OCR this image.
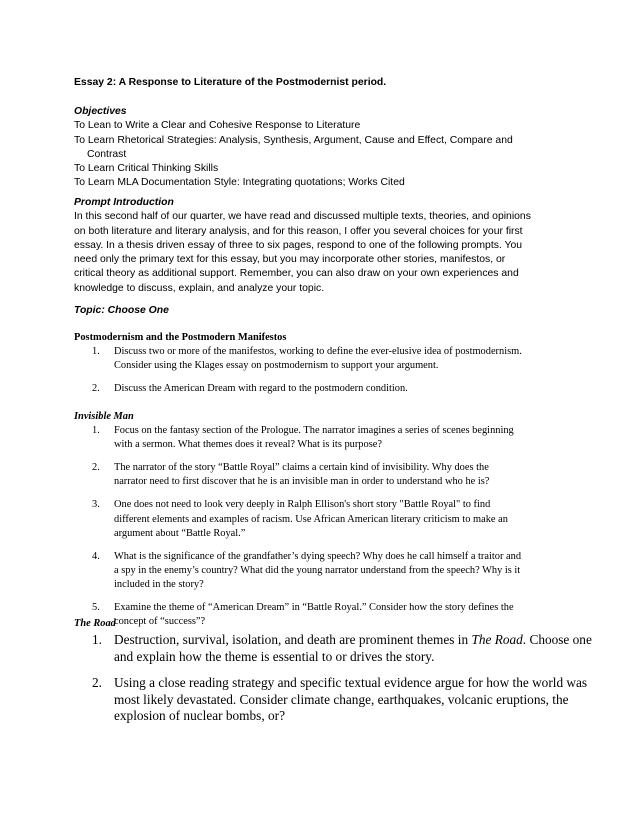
Essay 2: A Response to Literature of the Postmodernist period.
Objectives
To Lean to Write a Clear and Cohesive Response to Literature
To Learn Rhetorical Strategies: Analysis, Synthesis, Argument, Cause and Effect, Compare and
Contrast
To Learn Critical Thinking Skills
To Learn MLA Documentation Style: Integrating quotations; Works Cited
Prompt Introduction
In this second half of our quarter, we have read and discussed multiple texts, theories, and opinions
on both literature and literary analysis, and for this reason, I offer you several choices for your first
essay. In a thesis driven essay of three to six pages, respond to one of the following prompts. You
need only the primary text for this essay, but you may incorporate other stories, manifestos, or
critical theory as additional support. Remember, you can also draw on your own experiences and
knowledge to discuss, explain, and analyze your topic.
Topic: Choose One
Postmodernism and the Postmodern Manifestos
1. Discuss two or more of the manifestos, working to define the ever-elusive idea of postmodernism.
Consider using the Klages essay on postmodernism to support your argument.
2. Discuss the American Dream with regard to the postmodern condition.
Invisible Man
1. Focus on the fantasy section of the Prologue. The narrator imagines a series of scenes beginning
with a sermon. What themes does it reveal? What is its purpose?
2. The narrator of the story “Battle Royal” claims a certain kind of invisibility. Why does the
narrator need to first discover that he is an invisible man in order to understand who he is?
3. One does not need to look very deeply in Ralph Ellison's short story "Battle Royal" to find
different elements and examples of racism. Use African American literary criticism to make an
argument about “Battle Royal.”
4. What is the significance of the grandfather’s dying speech? Why does he call himself a traitor and
a spy in the enemy’s country? What did the young narrator understand from the speech? Why is it
included in the story?
5. Examine the theme of “American Dream” in “Battle Royal.” Consider how the story defines the
concept of “success”?
The Road
1. Destruction, survival, isolation, and death are prominent themes in The Road. Choose one
and explain how the theme is essential to or drives the story.
2. Using a close reading strategy and specific textual evidence argue for how the world was
most likely devastated. Consider climate change, earthquakes, volcanic eruptions, the
explosion of nuclear bombs, or?
